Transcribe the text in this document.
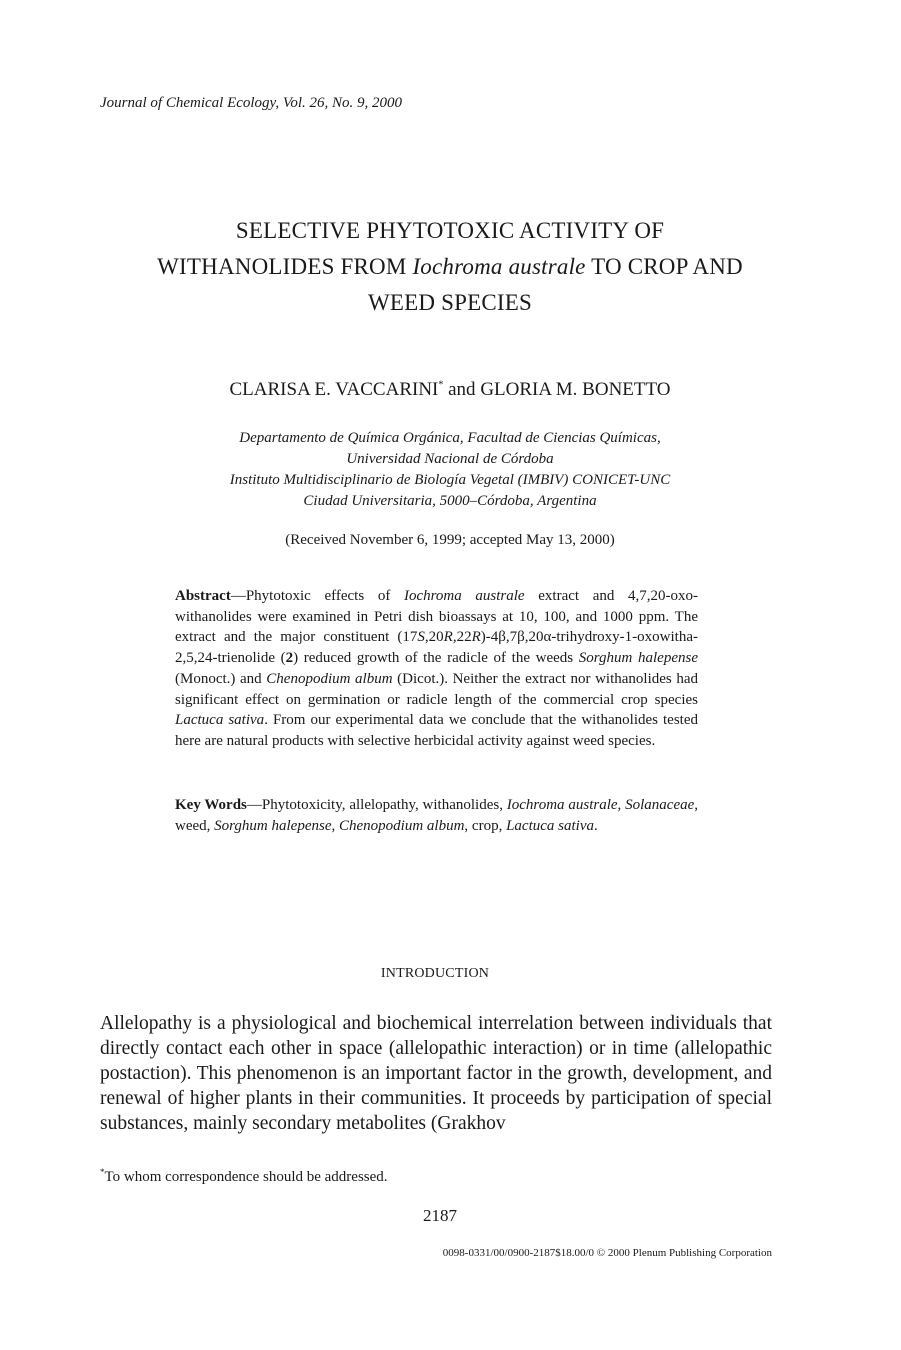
Journal of Chemical Ecology, Vol. 26, No. 9, 2000
SELECTIVE PHYTOTOXIC ACTIVITY OF
WITHANOLIDES FROM Iochroma australe TO CROP AND
WEED SPECIES
CLARISA E. VACCARINI* and GLORIA M. BONETTO
Departamento de Química Orgánica, Facultad de Ciencias Químicas,
Universidad Nacional de Córdoba
Instituto Multidisciplinario de Biología Vegetal (IMBIV) CONICET-UNC
Ciudad Universitaria, 5000–Córdoba, Argentina
(Received November 6, 1999; accepted May 13, 2000)
Abstract—Phytotoxic effects of Iochroma australe extract and 4,7,20-oxo-withanolides were examined in Petri dish bioassays at 10, 100, and 1000 ppm. The extract and the major constituent (17S,20R,22R)-4β,7β,20α-trihydroxy-1-oxowitha-2,5,24-trienolide (2) reduced growth of the radicle of the weeds Sorghum halepense (Monoct.) and Chenopodium album (Dicot.). Neither the extract nor withanolides had significant effect on germination or radicle length of the commercial crop species Lactuca sativa. From our experimental data we conclude that the withanolides tested here are natural products with selective herbicidal activity against weed species.
Key Words—Phytotoxicity, allelopathy, withanolides, Iochroma australe, Solanaceae, weed, Sorghum halepense, Chenopodium album, crop, Lactuca sativa.
INTRODUCTION
Allelopathy is a physiological and biochemical interrelation between individuals that directly contact each other in space (allelopathic interaction) or in time (allelopathic postaction). This phenomenon is an important factor in the growth, development, and renewal of higher plants in their communities. It proceeds by participation of special substances, mainly secondary metabolites (Grakhov
*To whom correspondence should be addressed.
2187
0098-0331/00/0900-2187$18.00/0 © 2000 Plenum Publishing Corporation
